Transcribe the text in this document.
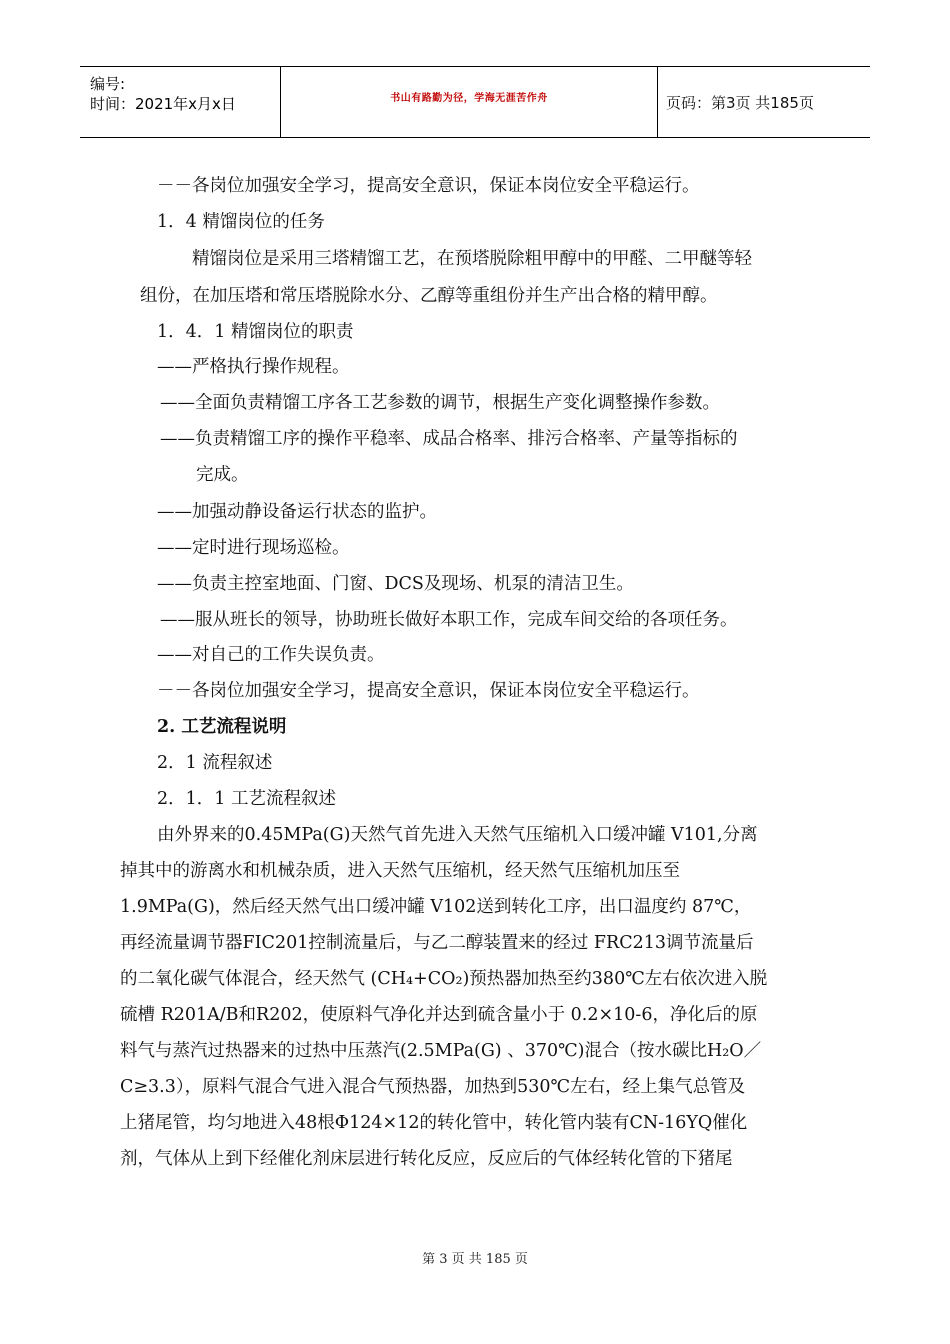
编号:
时间：2021年x月x日	书山有路勤为径，学海无涯苦作舟	页码：第3页 共185页
－－各岗位加强安全学习，提高安全意识，保证本岗位安全平稳运行。
1．4 精馏岗位的任务
精馏岗位是采用三塔精馏工艺，在预塔脱除粗甲醇中的甲醛、二甲醚等轻
组份，在加压塔和常压塔脱除水分、乙醇等重组份并生产出合格的精甲醇。
1．4．1 精馏岗位的职责
——严格执行操作规程。
——全面负责精馏工序各工艺参数的调节，根据生产变化调整操作参数。
——负责精馏工序的操作平稳率、成品合格率、排污合格率、产量等指标的
完成。
——加强动静设备运行状态的监护。
——定时进行现场巡检。
——负责主控室地面、门窗、DCS及现场、机泵的清洁卫生。
——服从班长的领导，协助班长做好本职工作，完成车间交给的各项任务。
——对自己的工作失误负责。
－－各岗位加强安全学习，提高安全意识，保证本岗位安全平稳运行。
2. 工艺流程说明
2．1 流程叙述
2．1．1 工艺流程叙述
由外界来的0.45MPa(G)天然气首先进入天然气压缩机入口缓冲罐 V101,分离
掉其中的游离水和机械杂质，进入天然气压缩机，经天然气压缩机加压至
1.9MPa(G)，然后经天然气出口缓冲罐 V102送到转化工序，出口温度约 87℃，
再经流量调节器FIC201控制流量后，与乙二醇装置来的经过 FRC213调节流量后
的二氧化碳气体混合，经天然气 (CH₄+CO₂)预热器加热至约380℃左右依次进入脱
硫槽 R201A/B和R202，使原料气净化并达到硫含量小于 0.2×10-6，净化后的原
料气与蒸汽过热器来的过热中压蒸汽(2.5MPa(G) 、370℃)混合（按水碳比H₂O／
C≥3.3），原料气混合气进入混合气预热器，加热到530℃左右，经上集气总管及
上猪尾管，均匀地进入48根Φ124×12的转化管中，转化管内装有CN-16YQ催化
剂，气体从上到下经催化剂床层进行转化反应，反应后的气体经转化管的下猪尾
第 3 页 共 185 页
